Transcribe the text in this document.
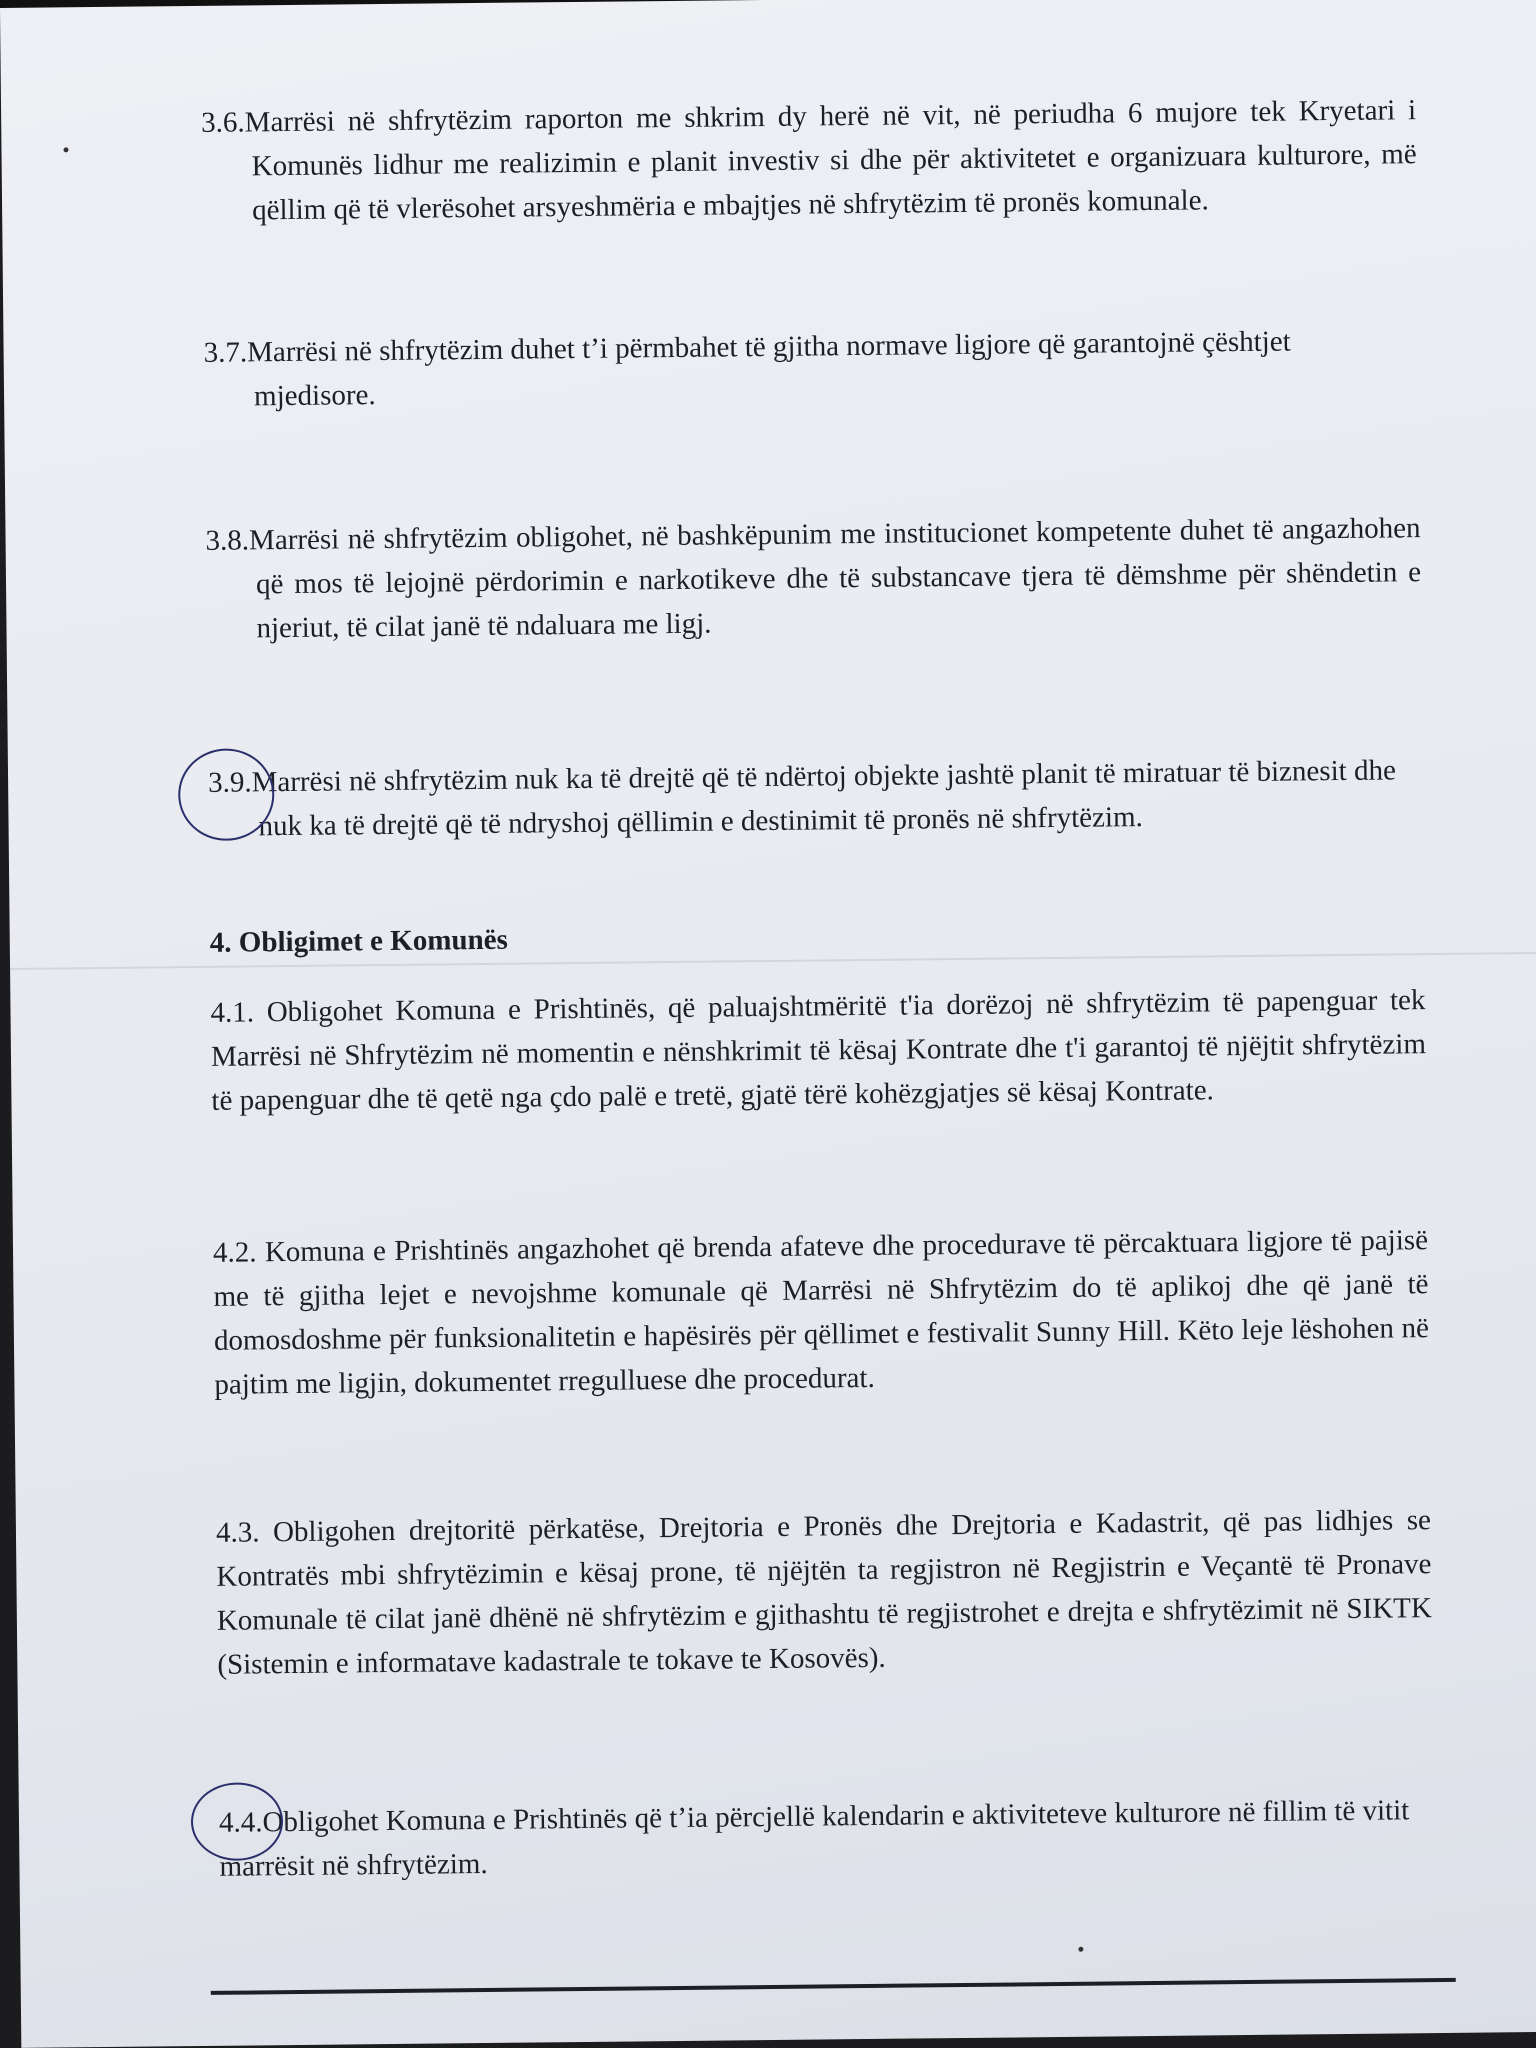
3.6.Marrësi në shfrytëzim raporton me shkrim dy herë në vit, në periudha 6 mujore tek Kryetari i Komunës lidhur me realizimin e planit investiv si dhe për aktivitetet e organizuara kulturore, më qëllim që të vlerësohet arsyeshmëria e mbajtjes në shfrytëzim të pronës komunale.

3.7.Marrësi në shfrytëzim duhet t’i përmbahet të gjitha normave ligjore që garantojnë çështjet mjedisore.

3.8.Marrësi në shfrytëzim obligohet, në bashkëpunim me institucionet kompetente duhet të angazhohen që mos të lejojnë përdorimin e narkotikeve dhe të substancave tjera të dëmshme për shëndetin e njeriut, të cilat janë të ndaluara me ligj.

3.9.Marrësi në shfrytëzim nuk ka të drejtë që të ndërtoj objekte jashtë planit të miratuar të biznesit dhe nuk ka të drejtë që të ndryshoj qëllimin e destinimit të pronës në shfrytëzim.

4. Obligimet e Komunës

4.1. Obligohet Komuna e Prishtinës, që paluajshtmëritë t'ia dorëzoj në shfrytëzim të papenguar tek Marrësi në Shfrytëzim në momentin e nënshkrimit të kësaj Kontrate dhe t'i garantoj të njëjtit shfrytëzim të papenguar dhe të qetë nga çdo palë e tretë, gjatë tërë kohëzgjatjes së kësaj Kontrate.

4.2. Komuna e Prishtinës angazhohet që brenda afateve dhe procedurave të përcaktuara ligjore të pajisë me të gjitha lejet e nevojshme komunale që Marrësi në Shfrytëzim do të aplikoj dhe që janë të domosdoshme për funksionalitetin e hapësirës për qëllimet e festivalit Sunny Hill. Këto leje lëshohen në pajtim me ligjin, dokumentet rregulluese dhe procedurat.

4.3. Obligohen drejtoritë përkatëse, Drejtoria e Pronës dhe Drejtoria e Kadastrit, që pas lidhjes se Kontratës mbi shfrytëzimin e kësaj prone, të njëjtën ta regjistron në Regjistrin e Veçantë të Pronave Komunale të cilat janë dhënë në shfrytëzim e gjithashtu të regjistrohet e drejta e shfrytëzimit në SIKTK (Sistemin e informatave kadastrale te tokave te Kosovës).

4.4.Obligohet Komuna e Prishtinës që t’ia përcjellë kalendarin e aktiviteteve kulturore në fillim të vitit marrësit në shfrytëzim.
